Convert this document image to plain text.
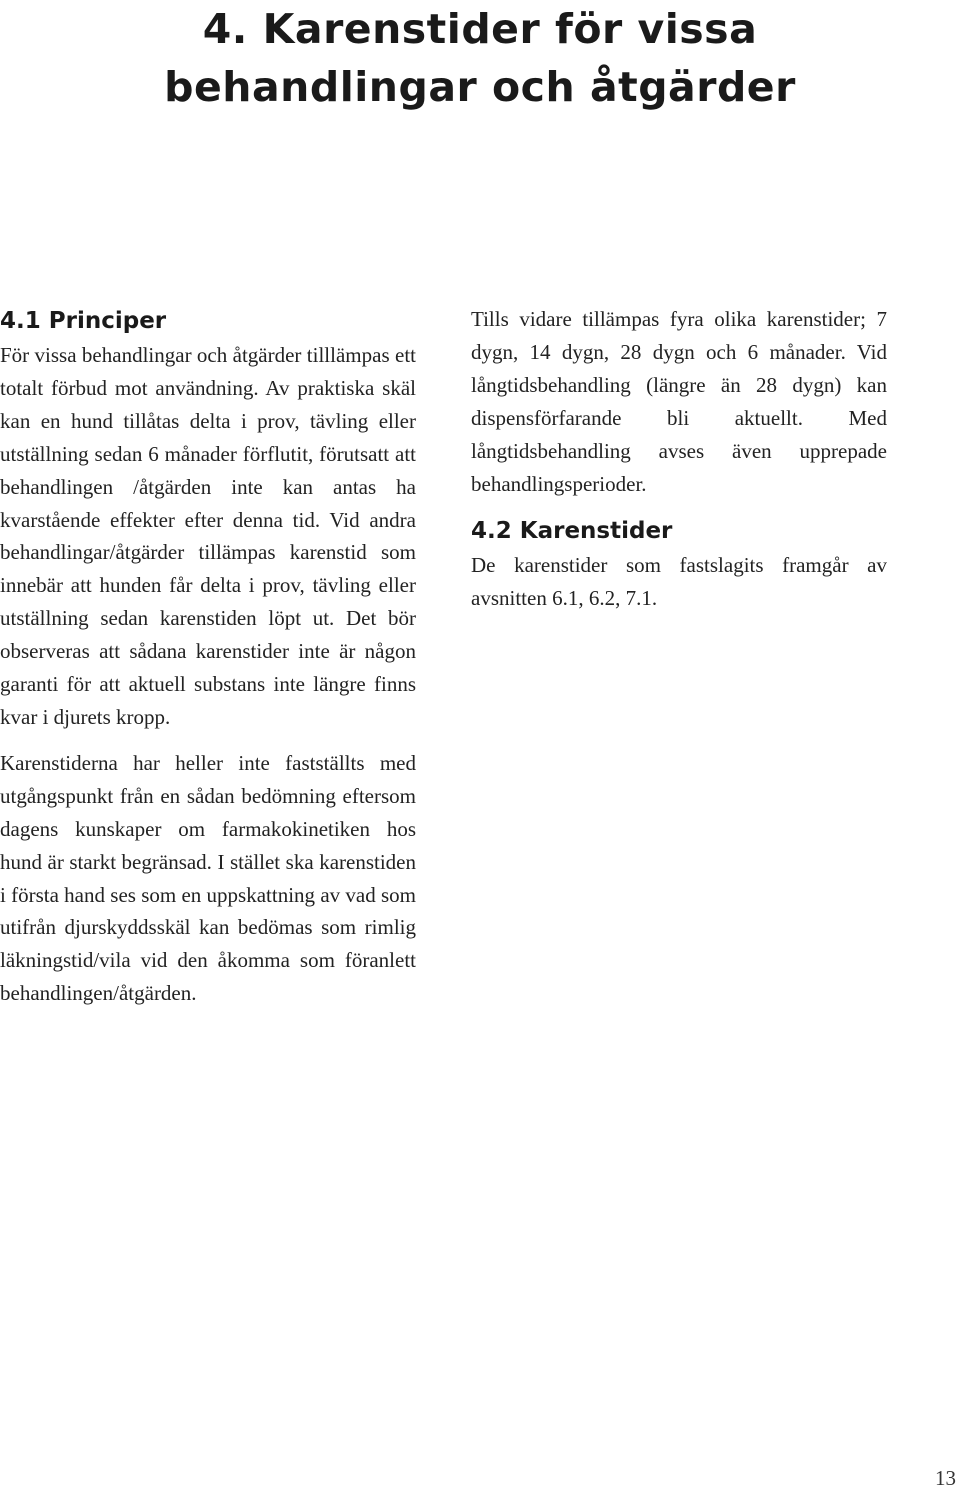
4. Karenstider för vissa
behandlingar och åtgärder
4.1 Principer

För vissa behandlingar och åtgärder tilllämpas ett totalt förbud mot användning. Av praktiska skäl kan en hund tillåtas delta i prov, tävling eller utställning sedan 6 månader förflutit, förutsatt att behandlingen /åtgärden inte kan antas ha kvarstående effekter efter denna tid. Vid andra behandlingar/åtgärder tillämpas karenstid som innebär att hunden får delta i prov, tävling eller utställning sedan karenstiden löpt ut. Det bör observeras att sådana karenstider inte är någon garanti för att aktuell substans inte längre finns kvar i djurets kropp.

Karenstiderna har heller inte fastställts med utgångspunkt från en sådan bedömning eftersom dagens kunskaper om farmakokinetiken hos hund är starkt begränsad. I stället ska karenstiden i första hand ses som en uppskattning av vad som utifrån djurskyddsskäl kan bedömas som rimlig läkningstid/vila vid den åkomma som föranlett behandlingen/åtgärden.

Tills vidare tillämpas fyra olika karenstider; 7 dygn, 14 dygn, 28 dygn och 6 månader. Vid långtidsbehandling (längre än 28 dygn) kan dispensförfarande bli aktuellt. Med långtidsbehandling avses även upprepade behandlingsperioder.

4.2 Karenstider

De karenstider som fastslagits framgår av avsnitten 6.1, 6.2, 7.1.

13
